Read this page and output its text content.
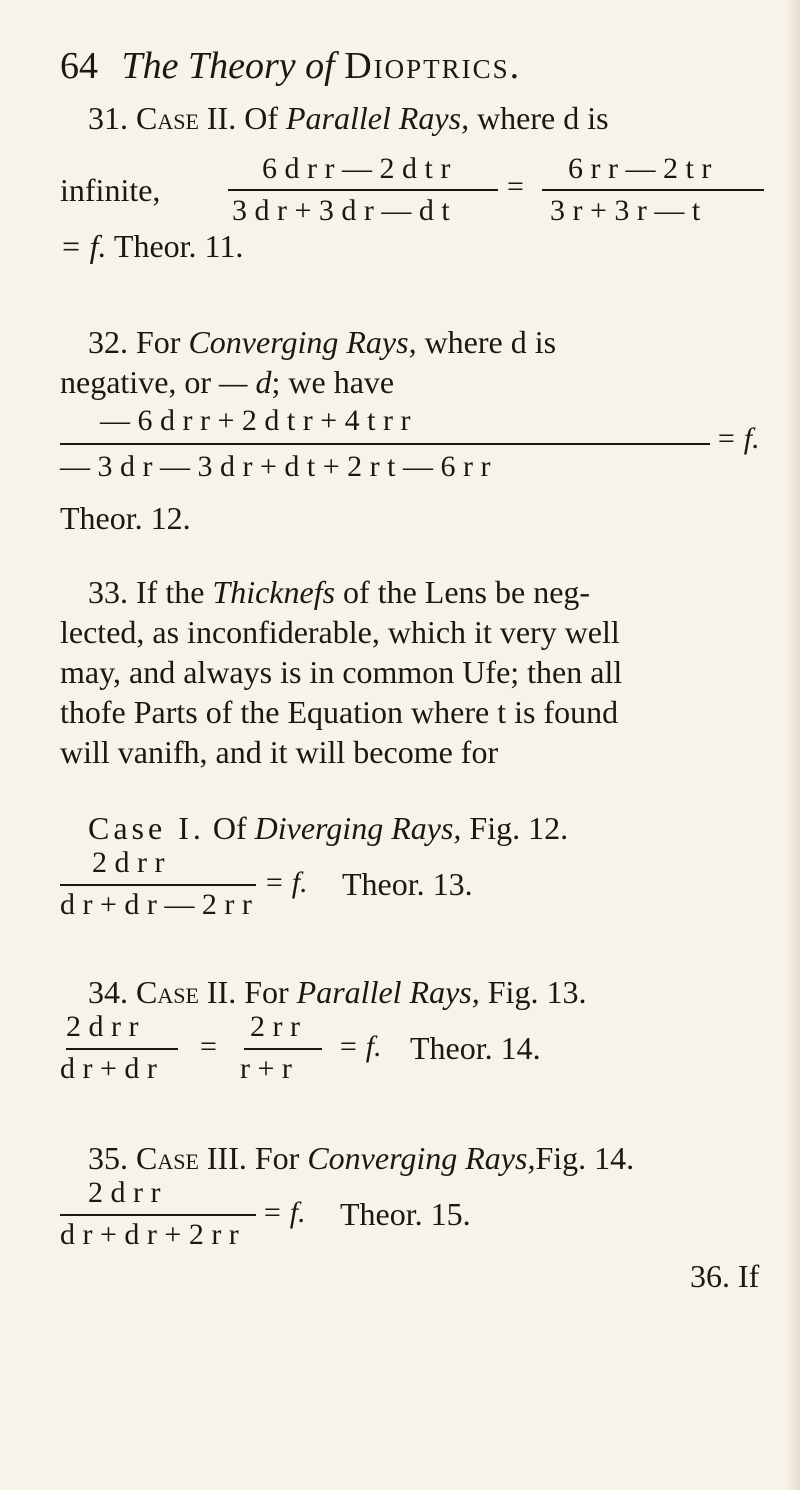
64 The Theory of Dioptrics.
31. Case II. Of Parallel Rays, where d is
infinite,
6 d r r — 2 d t r
3 d r + 3 d r — d t
=
6 r r — 2 t r
3 r + 3 r — t
= f. Theor. 11.
32. For Converging Rays, where d is
negative, or — d; we have
— 6 d r r + 2 d t r + 4 t r r
— 3 d r — 3 d r + d t + 2 r t — 6 r r
= f.
Theor. 12.
33. If the Thicknefs of the Lens be neg-
lected, as inconfiderable, which it very well
may, and always is in common Ufe; then all
thofe Parts of the Equation where t is found
will vanifh, and it will become for
Case I. Of Diverging Rays, Fig. 12.
2 d r r
d r + d r — 2 r r
= f. Theor. 13.
34. Case II. For Parallel Rays, Fig. 13.
2 d r r
d r + d r
=
2 r r
r + r
= f. Theor. 14.
35. Case III. For Converging Rays,Fig. 14.
2 d r r
d r + d r + 2 r r
= f. Theor. 15.
36. If
